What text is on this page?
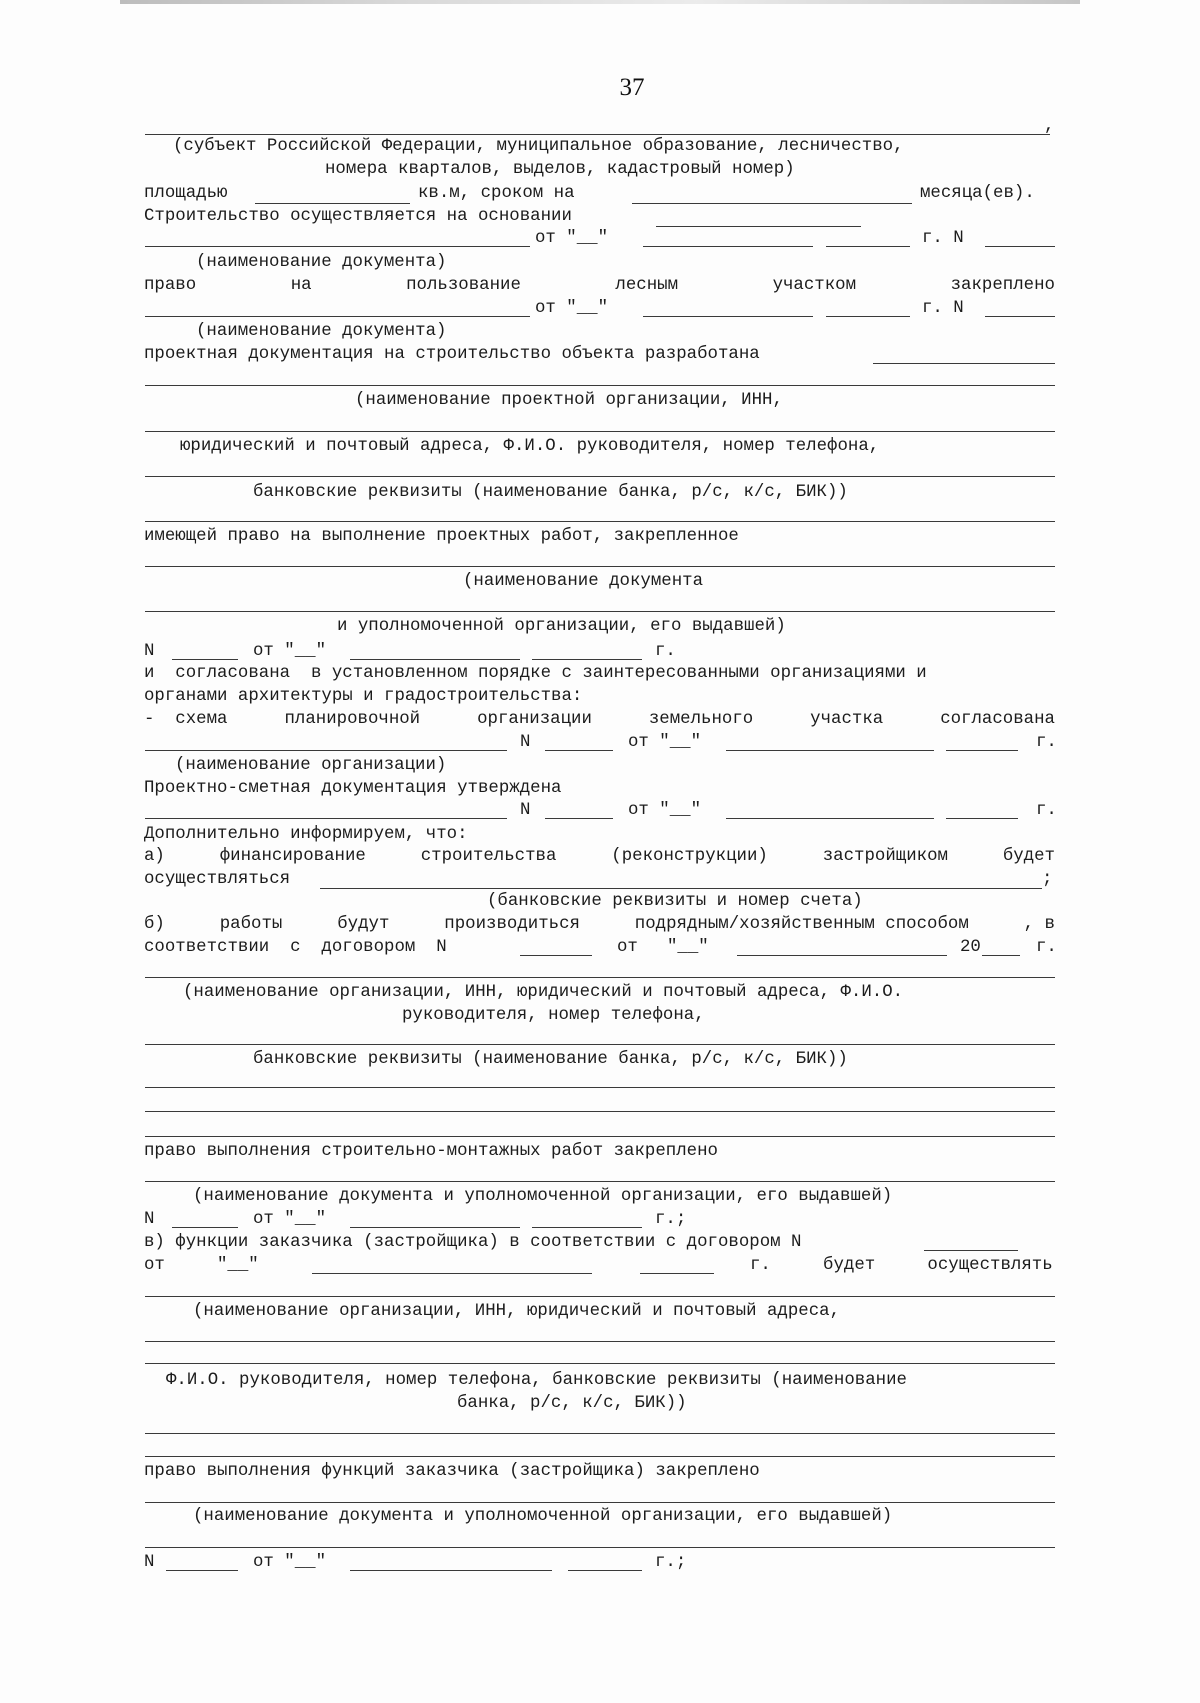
37
,
(субъект Российской Федерации, муниципальное образование, лесничество,
номера кварталов, выделов, кадастровый номер)
площадью	кв.м, сроком на	месяца(ев).
Строительство осуществляется на основании
от "__"	г. N
(наименование документа)
право	на	пользование	лесным	участком	закреплено
от "__"	г. N
(наименование документа)
проектная документация на строительство объекта разработана
(наименование проектной организации, ИНН,
юридический и почтовый адреса, Ф.И.О. руководителя, номер телефона,
банковские реквизиты (наименование банка, р/с, к/с, БИК))
имеющей право на выполнение проектных работ, закрепленное
(наименование документа
и уполномоченной организации, его выдавшей)
N	от "__"	г.
и  согласована  в установленном порядке с заинтересованными организациями и
органами архитектуры и градостроительства:
-  схема	планировочной	организации	земельного	участка	согласована
N	от "__"	г.
(наименование организации)
Проектно-сметная документация утверждена
N	от "__"	г.
Дополнительно информируем, что:
а)	финансирование	строительства	(реконструкции)	застройщиком	будет
осуществляться	;
(банковские реквизиты и номер счета)
б)	работы	будут	производиться	подрядным/хозяйственным способом	, в
соответствии  с  договором  N	от "__"	20	г.
(наименование организации, ИНН, юридический и почтовый адреса, Ф.И.О.
руководителя, номер телефона,
банковские реквизиты (наименование банка, р/с, к/с, БИК))
право выполнения строительно-монтажных работ закреплено
(наименование документа и уполномоченной организации, его выдавшей)
N	от "__"	г.;
в) функции заказчика (застройщика) в соответствии с договором N
от	"__"	г.     будет     осуществлять
(наименование организации, ИНН, юридический и почтовый адреса,
Ф.И.О. руководителя, номер телефона, банковские реквизиты (наименование
банка, р/с, к/с, БИК))
право выполнения функций заказчика (застройщика) закреплено
(наименование документа и уполномоченной организации, его выдавшей)
N	от "__"	г.;
